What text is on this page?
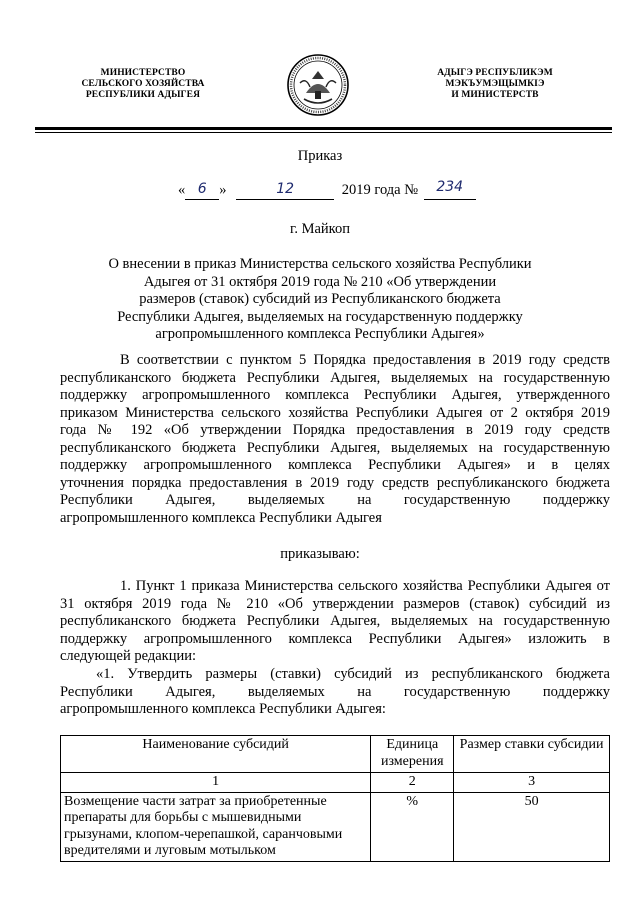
МИНИСТЕРСТВО
СЕЛЬСКОГО ХОЗЯЙСТВА
РЕСПУБЛИКИ АДЫГЕЯ
АДЫГЭ РЕСПУБЛИКЭМ
МЭКЪУМЭЩЫМКIЭ
И МИНИСТЕРСТВ
Приказ
« 6 »	12	2019 года №	234
г. Майкоп
О внесении в приказ Министерства сельского хозяйства Республики
Адыгея от 31 октября 2019 года № 210 «Об утверждении
размеров (ставок) субсидий из Республиканского бюджета
Республики Адыгея, выделяемых на государственную поддержку
агропромышленного комплекса Республики Адыгея»
В соответствии с пунктом 5 Порядка предоставления в 2019 году средств
республиканского бюджета Республики Адыгея, выделяемых на государственную
поддержку агропромышленного комплекса Республики Адыгея, утвержденного
приказом Министерства сельского хозяйства Республики Адыгея от 2 октября 2019
года № 192 «Об утверждении Порядка предоставления в 2019 году средств
республиканского бюджета Республики Адыгея, выделяемых на государственную
поддержку агропромышленного комплекса Республики Адыгея» и в целях
уточнения порядка предоставления в 2019 году средств республиканского бюджета
Республики Адыгея, выделяемых на государственную поддержку
агропромышленного комплекса Республики Адыгея
приказываю:
1. Пункт 1 приказа Министерства сельского хозяйства Республики Адыгея от
31 октября 2019 года № 210 «Об утверждении размеров (ставок) субсидий из
республиканского бюджета Республики Адыгея, выделяемых на государственную
поддержку агропромышленного комплекса Республики Адыгея» изложить в
следующей редакции:
«1. Утвердить размеры (ставки) субсидий из республиканского бюджета
Республики Адыгея, выделяемых на государственную поддержку
агропромышленного комплекса Республики Адыгея:
Наименование субсидий	Единица измерения	Размер ставки субсидии
1	2	3
Возмещение части затрат за приобретенные препараты для борьбы с мышевидными грызунами, клопом-черепашкой, саранчовыми вредителями и луговым мотыльком	%	50
